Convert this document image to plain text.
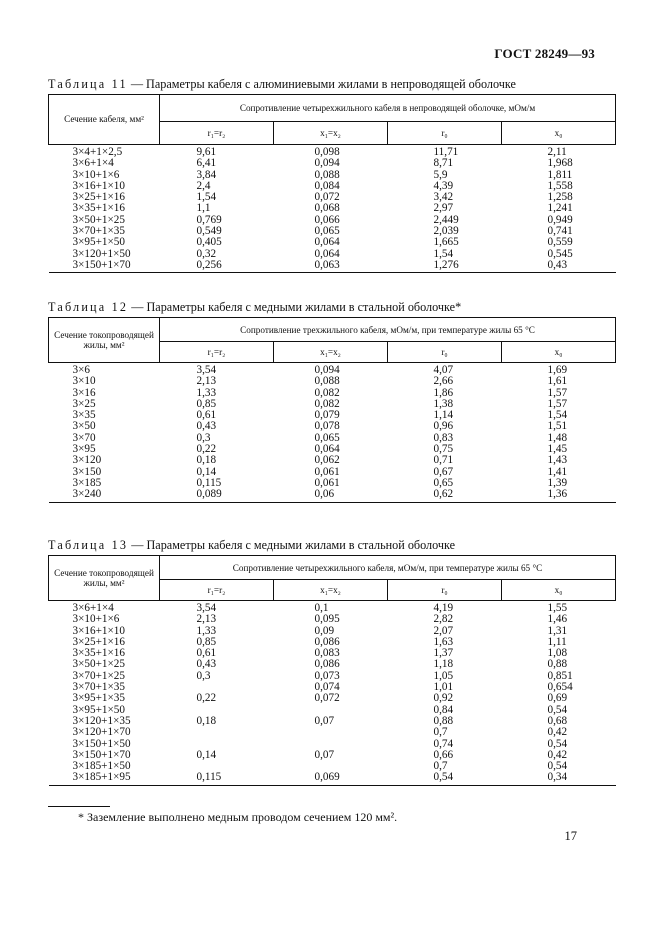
ГОСТ 28249—93
Таблица 11 — Параметры кабеля с алюминиевыми жилами в непроводящей оболочке
Сечение кабеля, мм²	Сопротивление четырехжильного кабеля в непроводящей оболочке, мОм/м			
	r₁=r₂	x₁=x₂	r₀	x₀
3×4+1×2,5	9,61	0,098	11,71	2,11
3×6+1×4	6,41	0,094	8,71	1,968
3×10+1×6	3,84	0,088	5,9	1,811
3×16+1×10	2,4	0,084	4,39	1,558
3×25+1×16	1,54	0,072	3,42	1,258
3×35+1×16	1,1	0,068	2,97	1,241
3×50+1×25	0,769	0,066	2,449	0,949
3×70+1×35	0,549	0,065	2,039	0,741
3×95+1×50	0,405	0,064	1,665	0,559
3×120+1×50	0,32	0,064	1,54	0,545
3×150+1×70	0,256	0,063	1,276	0,43
Таблица 12 — Параметры кабеля с медными жилами в стальной оболочке*
Сечение токопроводящей жилы, мм²	Сопротивление трехжильного кабеля, мОм/м, при температуре жилы 65 °С			
	r₁=r₂	x₁=x₂	r₀	x₀
3×6	3,54	0,094	4,07	1,69
3×10	2,13	0,088	2,66	1,61
3×16	1,33	0,082	1,86	1,57
3×25	0,85	0,082	1,38	1,57
3×35	0,61	0,079	1,14	1,54
3×50	0,43	0,078	0,96	1,51
3×70	0,3	0,065	0,83	1,48
3×95	0,22	0,064	0,75	1,45
3×120	0,18	0,062	0,71	1,43
3×150	0,14	0,061	0,67	1,41
3×185	0,115	0,061	0,65	1,39
3×240	0,089	0,06	0,62	1,36
Таблица 13 — Параметры кабеля с медными жилами в стальной оболочке
Сечение токопроводящей жилы, мм²	Сопротивление четырехжильного кабеля, мОм/м, при температуре жилы 65 °С			
	r₁=r₂	x₁=x₂	r₀	x₀
3×6+1×4	3,54	0,1	4,19	1,55
3×10+1×6	2,13	0,095	2,82	1,46
3×16+1×10	1,33	0,09	2,07	1,31
3×25+1×16	0,85	0,086	1,63	1,11
3×35+1×16	0,61	0,083	1,37	1,08
3×50+1×25	0,43	0,086	1,18	0,88
3×70+1×25	0,3	0,073	1,05	0,851
3×70+1×35		0,074	1,01	0,654
3×95+1×35	0,22	0,072	0,92	0,69
3×95+1×50			0,84	0,54
3×120+1×35	0,18	0,07	0,88	0,68
3×120+1×70			0,7	0,42
3×150+1×50			0,74	0,54
3×150+1×70	0,14	0,07	0,66	0,42
3×185+1×50			0,7	0,54
3×185+1×95	0,115	0,069	0,54	0,34
* Заземление выполнено медным проводом сечением 120 мм².
17
